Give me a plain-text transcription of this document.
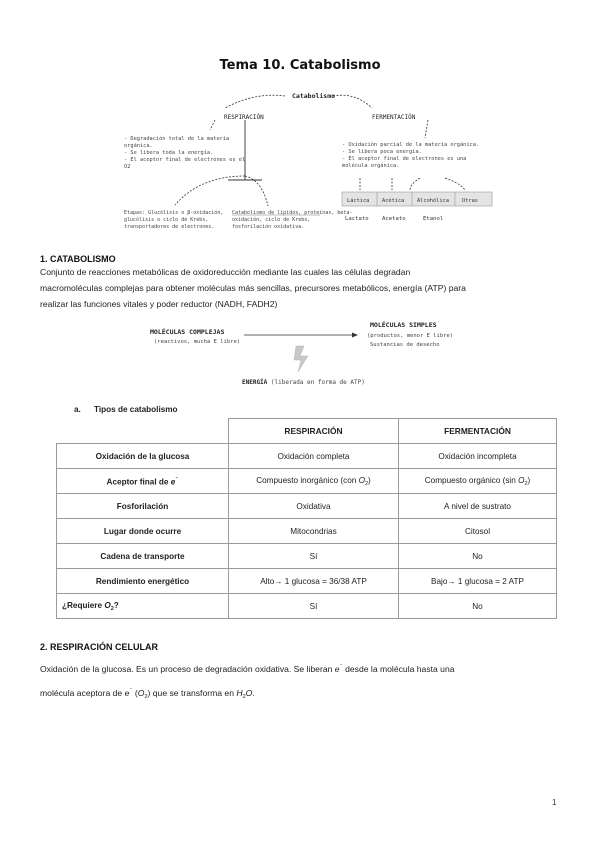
Tema 10. Catabolismo
Catabolismo
RESPIRACIÓN	FERMENTACIÓN
- Degradación total de la materia
orgánica.
- Se libera toda la energía.
- El aceptor final de electrones es el
O2
- Oxidación parcial de la materia orgánica.
- Se libera poca energía.
- El aceptor final de electrones es una
molécula orgánica.
Etapas: Glucólisis o β-oxidación,
glucólisis o ciclo de Krebs,
transportadores de electrones.
Catabolismo de lípidos, proteínas, beta-
oxidación, ciclo de Krebs,
fosforilación oxidativa.
Láctica Acética Alcohólica Otras
Lactato Acetato	Etanol
1. CATABOLISMO
Conjunto de reacciones metabólicas de oxidoreducción mediante las cuales las células degradan
macromoléculas complejas para obtener moléculas más sencillas, precursores metabólicos, energía (ATP) para
realizar las funciones vitales y poder reductor (NADH, FADH2)
MOLÉCULAS COMPLEJAS
(reactivos, mucha E libre)
MOLÉCULAS SIMPLES
(productos, menor E libre)
Sustancias de desecho
ENERGÍA (liberada en forma de ATP)
a. Tipos de catabolismo
	RESPIRACIÓN	FERMENTACIÓN
Oxidación de la glucosa	Oxidación completa	Oxidación incompleta
Aceptor final de e⁻	Compuesto inorgánico (con $O_2$)	Compuesto orgánico (sin $O_2$)
Fosforilación	Oxidativa	A nivel de sustrato
Lugar donde ocurre	Mitocondrias	Citosol
Cadena de transporte	Sí	No
Rendimiento energético	Alto→ 1 glucosa = 36/38 ATP	Bajo→ 1 glucosa = 2 ATP
¿Requiere $O_2$?	Sí	No
2. RESPIRACIÓN CELULAR
Oxidación de la glucosa. Es un proceso de degradación oxidativa. Se liberan e⁻ desde la molécula hasta una
molécula aceptora de e⁻ $(O_2)$ que se transforma en $H_2O$.
1
